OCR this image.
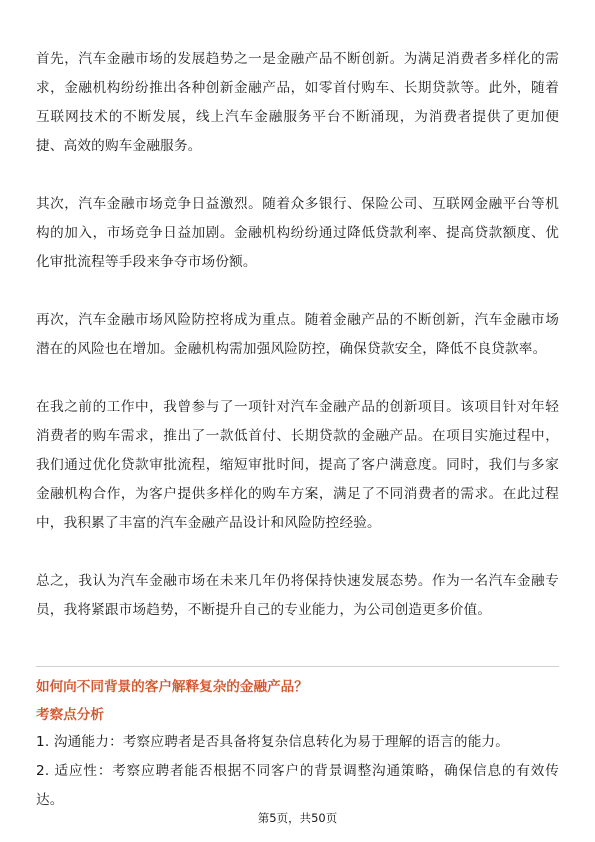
首先，汽车金融市场的发展趋势之一是金融产品不断创新。为满足消费者多样化的需求，金融机构纷纷推出各种创新金融产品，如零首付购车、长期贷款等。此外，随着互联网技术的不断发展，线上汽车金融服务平台不断涌现，为消费者提供了更加便捷、高效的购车金融服务。

其次，汽车金融市场竞争日益激烈。随着众多银行、保险公司、互联网金融平台等机构的加入，市场竞争日益加剧。金融机构纷纷通过降低贷款利率、提高贷款额度、优化审批流程等手段来争夺市场份额。

再次，汽车金融市场风险防控将成为重点。随着金融产品的不断创新，汽车金融市场潜在的风险也在增加。金融机构需加强风险防控，确保贷款安全，降低不良贷款率。

在我之前的工作中，我曾参与了一项针对汽车金融产品的创新项目。该项目针对年轻消费者的购车需求，推出了一款低首付、长期贷款的金融产品。在项目实施过程中，我们通过优化贷款审批流程，缩短审批时间，提高了客户满意度。同时，我们与多家金融机构合作，为客户提供多样化的购车方案，满足了不同消费者的需求。在此过程中，我积累了丰富的汽车金融产品设计和风险防控经验。

总之，我认为汽车金融市场在未来几年仍将保持快速发展态势。作为一名汽车金融专员，我将紧跟市场趋势，不断提升自己的专业能力，为公司创造更多价值。

如何向不同背景的客户解释复杂的金融产品？
考察点分析

1. 沟通能力：考察应聘者是否具备将复杂信息转化为易于理解的语言的能力。

2. 适应性：考察应聘者能否根据不同客户的背景调整沟通策略，确保信息的有效传达。

第5页，共50页
